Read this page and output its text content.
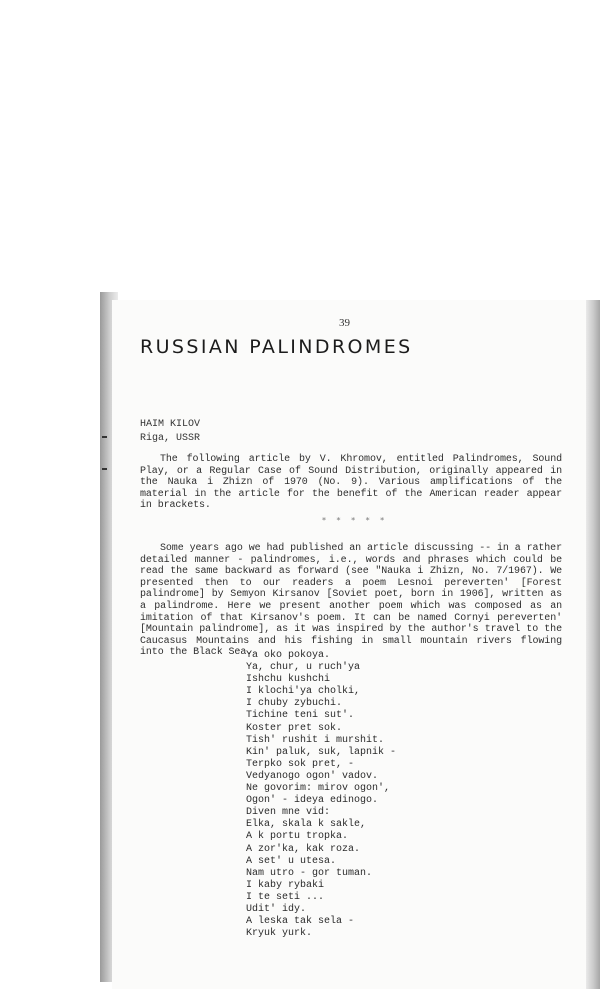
39
RUSSIAN PALINDROMES
HAIM KILOV
Riga, USSR

The following article by V. Khromov, entitled Palindromes, Sound Play, or a Regular Case of Sound Distribution, originally appeared in the Nauka i Zhizn of 1970 (No. 9). Various amplifications of the material in the article for the benefit of the American reader appear in brackets.

* * * * *

Some years ago we had published an article discussing -- in a rather detailed manner - palindromes, i.e., words and phrases which could be read the same backward as forward (see "Nauka i Zhizn, No. 7/1967). We presented then to our readers a poem Lesnoi pereverten' [Forest palindrome] by Semyon Kirsanov [Soviet poet, born in 1906], written as a palindrome. Here we present another poem which was composed as an imitation of that Kirsanov's poem. It can be named Cornyi pereverten' [Mountain palindrome], as it was inspired by the author's travel to the Caucasus Mountains and his fishing in small mountain rivers flowing into the Black Sea.

Ya oko pokoya.
Ya, chur, u ruch'ya
Ishchu kushchi
I klochi'ya cholki,
I chuby zybuchi.
Tichine teni sut'.
Koster pret sok.
Tish' rushit i murshit.
Kin' paluk, suk, lapnik -
Terpko sok pret, -
Vedyanogo ogon' vadov.
Ne govorim: mirov ogon',
Ogon' - ideya edinogo.
Diven mne vid:
Elka, skala k sakle,
A k portu tropka.
A zor'ka, kak roza.
A set' u utesa.
Nam utro - gor tuman.
I kaby rybaki
I te seti ...
Udit' idy.
A leska tak sela -
Kryuk yurk.
